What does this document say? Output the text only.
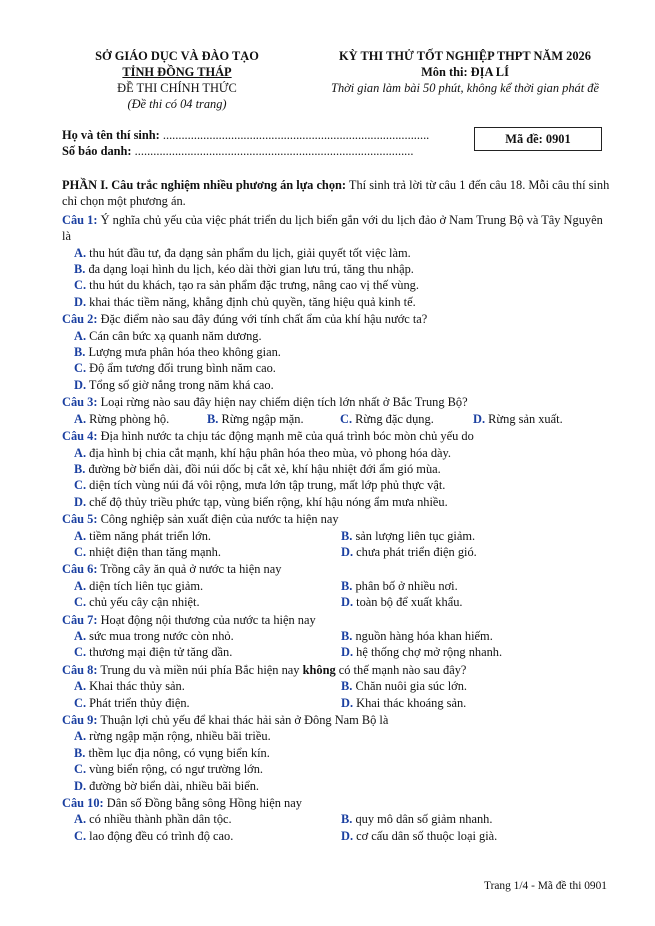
SỞ GIÁO DỤC VÀ ĐÀO TẠO
TỈNH ĐỒNG THÁP
ĐỀ THI CHÍNH THỨC
(Đề thi có 04 trang)
KỲ THI THỬ TỐT NGHIỆP THPT NĂM 2026
Môn thi: ĐỊA LÍ
Thời gian làm bài 50 phút, không kể thời gian phát đề
Họ và tên thí sinh: ......................................................................................
Số báo danh: ..........................................................................................
Mã đề: 0901
PHẦN I. Câu trắc nghiệm nhiều phương án lựa chọn: Thí sinh trả lời từ câu 1 đến câu 18. Mỗi câu thí sinh chỉ chọn một phương án.
Câu 1: Ý nghĩa chủ yếu của việc phát triển du lịch biển gắn với du lịch đảo ở Nam Trung Bộ và Tây Nguyên là
A. thu hút đầu tư, đa dạng sản phẩm du lịch, giải quyết tốt việc làm.
B. đa dạng loại hình du lịch, kéo dài thời gian lưu trú, tăng thu nhập.
C. thu hút du khách, tạo ra sản phẩm đặc trưng, nâng cao vị thế vùng.
D. khai thác tiềm năng, khẳng định chủ quyền, tăng hiệu quả kinh tế.
Câu 2: Đặc điểm nào sau đây đúng với tính chất ẩm của khí hậu nước ta?
A. Cán cân bức xạ quanh năm dương.
B. Lượng mưa phân hóa theo không gian.
C. Độ ẩm tương đối trung bình năm cao.
D. Tổng số giờ nắng trong năm khá cao.
Câu 3: Loại rừng nào sau đây hiện nay chiếm diện tích lớn nhất ở Bắc Trung Bộ?
A. Rừng phòng hộ.	B. Rừng ngập mặn.	C. Rừng đặc dụng.	D. Rừng sản xuất.
Câu 4: Địa hình nước ta chịu tác động mạnh mẽ của quá trình bóc mòn chủ yếu do
A. địa hình bị chia cắt mạnh, khí hậu phân hóa theo mùa, vỏ phong hóa dày.
B. đường bờ biển dài, đồi núi dốc bị cắt xẻ, khí hậu nhiệt đới ẩm gió mùa.
C. diện tích vùng núi đá vôi rộng, mưa lớn tập trung, mất lớp phủ thực vật.
D. chế độ thủy triều phức tạp, vùng biển rộng, khí hậu nóng ẩm mưa nhiều.
Câu 5: Công nghiệp sản xuất điện của nước ta hiện nay
A. tiềm năng phát triển lớn.	B. sản lượng liên tục giảm.
C. nhiệt điện than tăng mạnh.	D. chưa phát triển điện gió.
Câu 6: Trồng cây ăn quả ở nước ta hiện nay
A. diện tích liên tục giảm.	B. phân bố ở nhiều nơi.
C. chủ yếu cây cận nhiệt.	D. toàn bộ để xuất khẩu.
Câu 7: Hoạt động nội thương của nước ta hiện nay
A. sức mua trong nước còn nhỏ.	B. nguồn hàng hóa khan hiếm.
C. thương mại điện tử tăng dần.	D. hệ thống chợ mở rộng nhanh.
Câu 8: Trung du và miền núi phía Bắc hiện nay không có thế mạnh nào sau đây?
A. Khai thác thủy sản.	B. Chăn nuôi gia súc lớn.
C. Phát triển thủy điện.	D. Khai thác khoáng sản.
Câu 9: Thuận lợi chủ yếu để khai thác hải sản ở Đông Nam Bộ là
A. rừng ngập mặn rộng, nhiều bãi triều.
B. thềm lục địa nông, có vụng biển kín.
C. vùng biển rộng, có ngư trường lớn.
D. đường bờ biển dài, nhiều bãi biển.
Câu 10: Dân số Đồng bằng sông Hồng hiện nay
A. có nhiều thành phần dân tộc.	B. quy mô dân số giảm nhanh.
C. lao động đều có trình độ cao.	D. cơ cấu dân số thuộc loại già.
Trang 1/4 - Mã đề thi 0901
